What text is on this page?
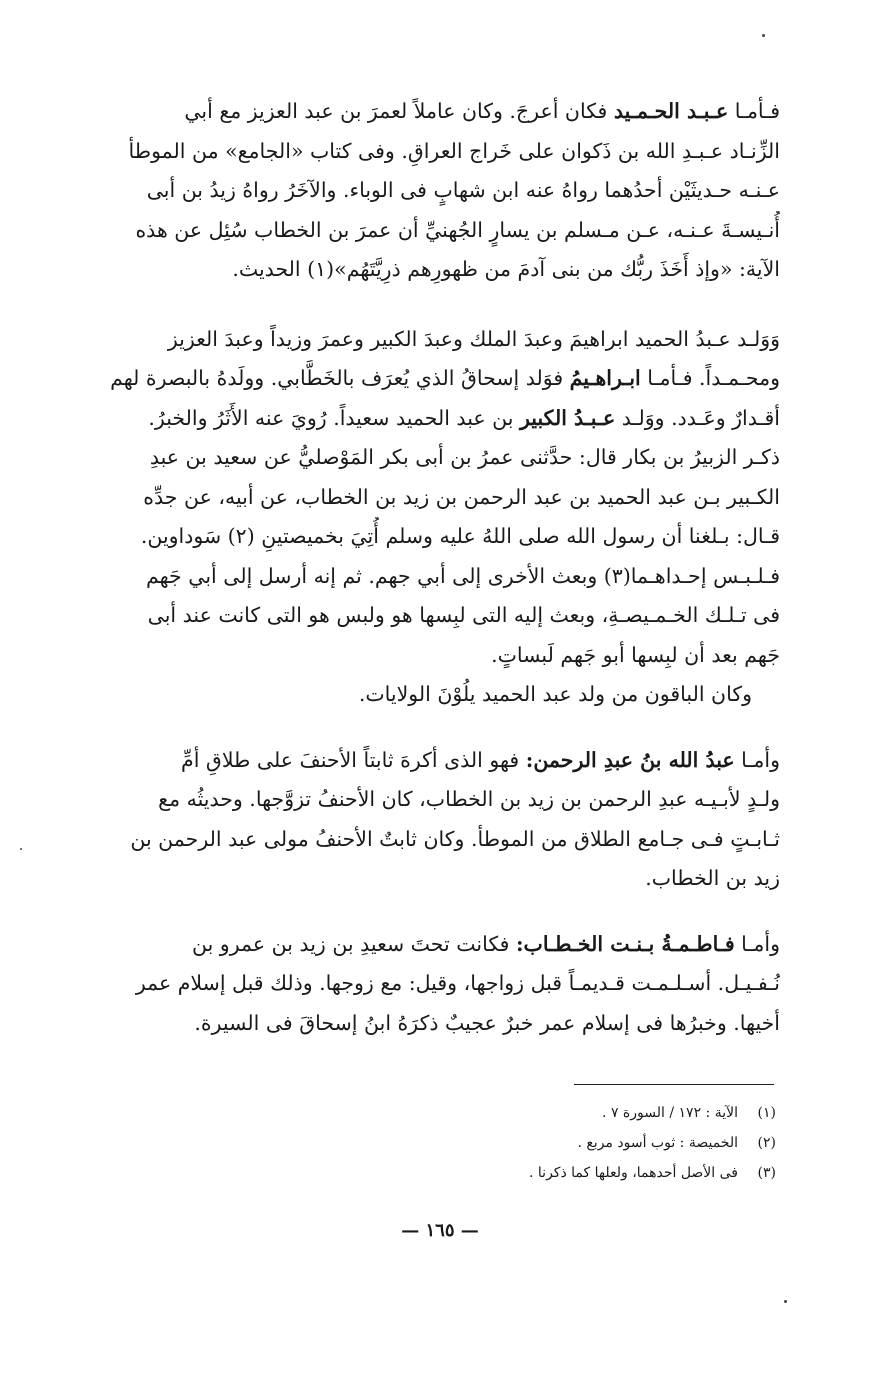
فـأمـا عـبـد الحـمـيد فكان أعرجَ. وكان عاملاً لعمرَ بن عبد العزيز مع أبي
الزِّنـاد عـبـدِ الله بن ذَكوان على خَراج العراقِ. وفى كتاب «الجامع» من الموطأ
عـنـه حـديثَيْن أحدُهما رواهُ عنه ابن شهابٍ فى الوباء. والآخَرُ رواهُ زيدُ بن أبى
أُنـيسـةَ عـنـه، عـن مـسلم بن يسارٍ الجُهنيِّ أن عمرَ بن الخطاب سُئِل عن هذه
الآية: «وإذ أَخَذَ ربُّك من بنى آدمَ من ظهورِهم ذرِيَّتَهُم»(١) الحديث.

وَوَلـد عـبدُ الحميد ابراهيمَ وعبدَ الملك وعبدَ الكبير وعمرَ وزيداً وعبدَ العزيز
ومحـمـداً. فـأمـا ابـراهـيمُ فوَلد إسحاقُ الذي يُعرَف بالخَطَّابي. وولَدهُ بالبصرة لهم
أقـدارٌ وعَـدد. ووَلـد عـبـدُ الكبير بن عبد الحميد سعيداً. رُويَ عنه الأَثَرُ والخبرُ.
ذكـر الزبيرُ بن بكار قال: حدَّثنى عمرُ بن أبى بكر المَوْصليُّ عن سعيد بن عبدِ
الكـبير بـن عبد الحميد بن عبد الرحمن بن زيد بن الخطاب، عن أبيه، عن جدِّه
قـال: بـلغنا أن رسول الله صلى اللهُ عليه وسلم أُتِيَ بخميصتينِ (٢) سَوداوين.
فـلـبـس إحـداهـما(٣) وبعث الأخرى إلى أبي جهم. ثم إنه أرسل إلى أبي جَهم
فى تـلـك الخـمـيصـةِ، وبعث إليه التى لبِسها هو ولبس هو التى كانت عند أبى
جَهم بعد أن لبِسها أبو جَهم لَبساتٍ.
وكان الباقون من ولد عبد الحميد يلُوْنَ الولايات.

وأمـا عبدُ الله بنُ عبدِ الرحمن: فهو الذى أكرهَ ثابتاً الأحنفَ على طلاقِ أمِّ
ولـدٍ لأبـيـه عبدِ الرحمن بن زيد بن الخطاب، كان الأحنفُ تزوَّجها. وحديثُه مع
ثـابـتٍ فـى جـامع الطلاق من الموطأ. وكان ثابتٌ الأحنفُ مولى عبد الرحمن بن
زيد بن الخطاب.

وأمـا فـاطـمـةُ بـنـت الخـطـاب: فكانت تحتَ سعيدِ بن زيد بن عمرو بن
نُـفـيـل. أسـلـمـت قـديمـاً قبل زواجها، وقيل: مع زوجها. وذلك قبل إسلام عمر
أخيها. وخبرُها فى إسلام عمر خبرٌ عجيبٌ ذكرَهُ ابنُ إسحاقَ فى السيرة.

(١)الآية : ١٧٢ / السورة ٧ .
(٢)الخميصة : ثوب أسود مربع .
(٣)فى الأصل أحدهما، ولعلها كما ذكرنا .
— ١٦٥ —
